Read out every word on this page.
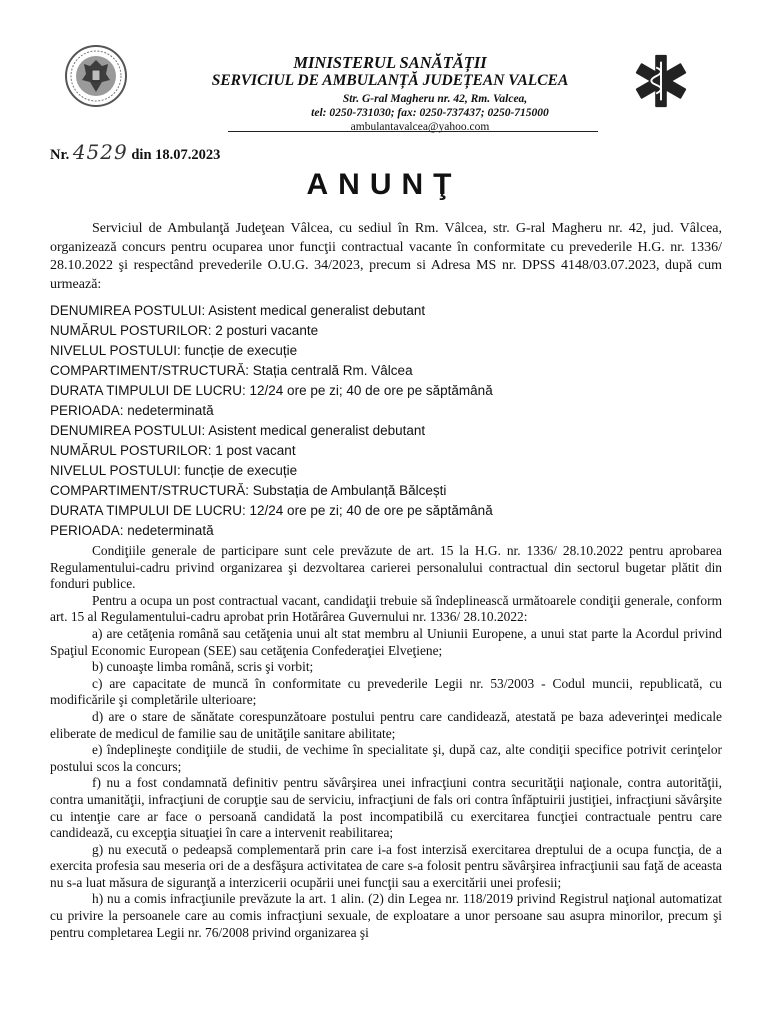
MINISTERUL SANĂTĂȚII
SERVICIUL DE AMBULANȚĂ JUDEȚEAN VALCEA
Str. G-ral Magheru nr. 42, Rm. Valcea,
tel: 0250-731030; fax: 0250-737437; 0250-715000
ambulantavalcea@yahoo.com
Nr. 4529 din 18.07.2023
ANUNŢ

Serviciul de Ambulanţă Judeţean Vâlcea, cu sediul în Rm. Vâlcea, str. G-ral Magheru nr. 42, jud. Vâlcea, organizează concurs pentru ocuparea unor funcţii contractual vacante în conformitate cu prevederile H.G. nr. 1336/ 28.10.2022 şi respectând prevederile O.U.G. 34/2023, precum si Adresa MS nr. DPSS 4148/03.07.2023, după cum urmează:

DENUMIREA POSTULUI: Asistent medical generalist debutant
NUMĂRUL POSTURILOR: 2 posturi vacante
NIVELUL POSTULUI: funcție de execuție
COMPARTIMENT/STRUCTURĂ: Stația centrală Rm. Vâlcea
DURATA TIMPULUI DE LUCRU: 12/24 ore pe zi; 40 de ore pe săptămână
PERIOADA: nedeterminată
DENUMIREA POSTULUI: Asistent medical generalist debutant
NUMĂRUL POSTURILOR: 1 post vacant
NIVELUL POSTULUI: funcție de execuție
COMPARTIMENT/STRUCTURĂ: Substația de Ambulanță Bălcești
DURATA TIMPULUI DE LUCRU: 12/24 ore pe zi; 40 de ore pe săptămână
PERIOADA: nedeterminată

Condiţiile generale de participare sunt cele prevăzute de art. 15 la H.G. nr. 1336/ 28.10.2022 pentru aprobarea Regulamentului-cadru privind organizarea şi dezvoltarea carierei personalului contractual din sectorul bugetar plătit din fonduri publice.

Pentru a ocupa un post contractual vacant, candidaţii trebuie să îndeplinească următoarele condiţii generale, conform art. 15 al Regulamentului-cadru aprobat prin Hotărârea Guvernului nr. 1336/ 28.10.2022:

a) are cetăţenia română sau cetăţenia unui alt stat membru al Uniunii Europene, a unui stat parte la Acordul privind Spaţiul Economic European (SEE) sau cetăţenia Confederaţiei Elveţiene;

b) cunoaşte limba română, scris şi vorbit;

c) are capacitate de muncă în conformitate cu prevederile Legii nr. 53/2003 - Codul muncii, republicată, cu modificările şi completările ulterioare;

d) are o stare de sănătate corespunzătoare postului pentru care candidează, atestată pe baza adeverinţei medicale eliberate de medicul de familie sau de unităţile sanitare abilitate;

e) îndeplineşte condiţiile de studii, de vechime în specialitate şi, după caz, alte condiţii specifice potrivit cerinţelor postului scos la concurs;

f) nu a fost condamnată definitiv pentru săvârşirea unei infracţiuni contra securităţii naţionale, contra autorităţii, contra umanităţii, infracţiuni de corupţie sau de serviciu, infracţiuni de fals ori contra înfăptuirii justiţiei, infracţiuni săvârşite cu intenţie care ar face o persoană candidată la post incompatibilă cu exercitarea funcţiei contractuale pentru care candidează, cu excepţia situaţiei în care a intervenit reabilitarea;

g) nu execută o pedeapsă complementară prin care i-a fost interzisă exercitarea dreptului de a ocupa funcţia, de a exercita profesia sau meseria ori de a desfăşura activitatea de care s-a folosit pentru săvârşirea infracţiunii sau faţă de aceasta nu s-a luat măsura de siguranţă a interzicerii ocupării unei funcţii sau a exercitării unei profesii;

h) nu a comis infracţiunile prevăzute la art. 1 alin. (2) din Legea nr. 118/2019 privind Registrul naţional automatizat cu privire la persoanele care au comis infracţiuni sexuale, de exploatare a unor persoane sau asupra minorilor, precum şi pentru completarea Legii nr. 76/2008 privind organizarea şi
